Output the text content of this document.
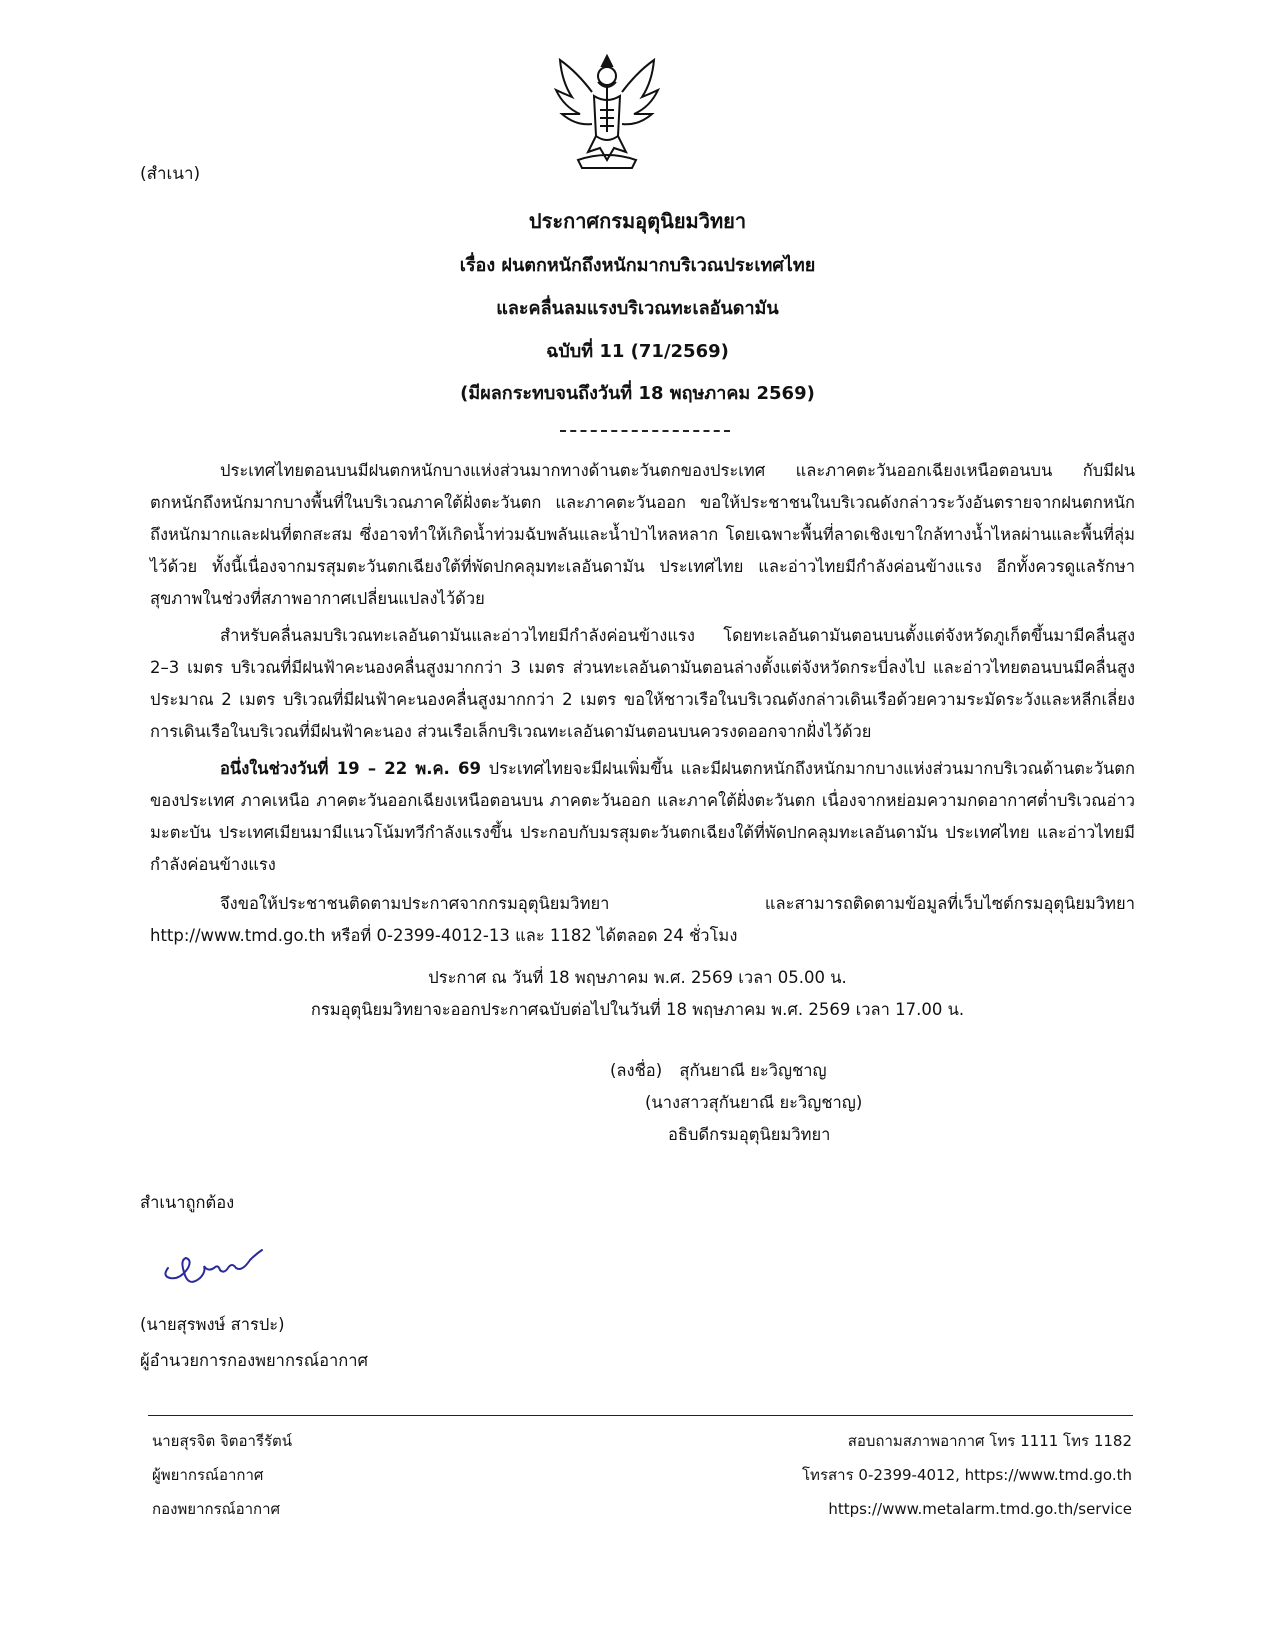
(สำเนา)
ประกาศกรมอุตุนิยมวิทยา
เรื่อง ฝนตกหนักถึงหนักมากบริเวณประเทศไทย
และคลื่นลมแรงบริเวณทะเลอันดามัน
ฉบับที่ 11 (71/2569)
(มีผลกระทบจนถึงวันที่ 18 พฤษภาคม 2569)

ประเทศไทยตอนบนมีฝนตกหนักบางแห่งส่วนมากทางด้านตะวันตกของประเทศ และภาคตะวันออกเฉียงเหนือตอนบน กับมีฝนตกหนักถึงหนักมากบางพื้นที่ในบริเวณภาคใต้ฝั่งตะวันตก และภาคตะวันออก ขอให้ประชาชนในบริเวณดังกล่าวระวังอันตรายจากฝนตกหนักถึงหนักมากและฝนที่ตกสะสม ซึ่งอาจทำให้เกิดน้ำท่วมฉับพลันและน้ำป่าไหลหลาก โดยเฉพาะพื้นที่ลาดเชิงเขาใกล้ทางน้ำไหลผ่านและพื้นที่ลุ่มไว้ด้วย ทั้งนี้เนื่องจากมรสุมตะวันตกเฉียงใต้ที่พัดปกคลุมทะเลอันดามัน ประเทศไทย และอ่าวไทยมีกำลังค่อนข้างแรง อีกทั้งควรดูแลรักษาสุขภาพในช่วงที่สภาพอากาศเปลี่ยนแปลงไว้ด้วย

สำหรับคลื่นลมบริเวณทะเลอันดามันและอ่าวไทยมีกำลังค่อนข้างแรง โดยทะเลอันดามันตอนบนตั้งแต่จังหวัดภูเก็ตขึ้นมามีคลื่นสูง 2–3 เมตร บริเวณที่มีฝนฟ้าคะนองคลื่นสูงมากกว่า 3 เมตร ส่วนทะเลอันดามันตอนล่างตั้งแต่จังหวัดกระบี่ลงไป และอ่าวไทยตอนบนมีคลื่นสูงประมาณ 2 เมตร บริเวณที่มีฝนฟ้าคะนองคลื่นสูงมากกว่า 2 เมตร ขอให้ชาวเรือในบริเวณดังกล่าวเดินเรือด้วยความระมัดระวังและหลีกเลี่ยงการเดินเรือในบริเวณที่มีฝนฟ้าคะนอง ส่วนเรือเล็กบริเวณทะเลอันดามันตอนบนควรงดออกจากฝั่งไว้ด้วย

อนึ่งในช่วงวันที่ 19 – 22 พ.ค. 69 ประเทศไทยจะมีฝนเพิ่มขึ้น และมีฝนตกหนักถึงหนักมากบางแห่งส่วนมากบริเวณด้านตะวันตกของประเทศ ภาคเหนือ ภาคตะวันออกเฉียงเหนือตอนบน ภาคตะวันออก และภาคใต้ฝั่งตะวันตก เนื่องจากหย่อมความกดอากาศต่ำบริเวณอ่าวมะตะบัน ประเทศเมียนมามีแนวโน้มทวีกำลังแรงขึ้น ประกอบกับมรสุมตะวันตกเฉียงใต้ที่พัดปกคลุมทะเลอันดามัน ประเทศไทย และอ่าวไทยมีกำลังค่อนข้างแรง

จึงขอให้ประชาชนติดตามประกาศจากกรมอุตุนิยมวิทยา และสามารถติดตามข้อมูลที่เว็บไซต์กรมอุตุนิยมวิทยา http://www.tmd.go.th หรือที่ 0-2399-4012-13 และ 1182 ได้ตลอด 24 ชั่วโมง

ประกาศ ณ วันที่ 18 พฤษภาคม พ.ศ. 2569 เวลา 05.00 น.
กรมอุตุนิยมวิทยาจะออกประกาศฉบับต่อไปในวันที่ 18 พฤษภาคม พ.ศ. 2569 เวลา 17.00 น.
(ลงชื่อ) สุกันยาณี ยะวิญชาญ
(นางสาวสุกันยาณี ยะวิญชาญ)
อธิบดีกรมอุตุนิยมวิทยา
สำเนาถูกต้อง
(นายสุรพงษ์ สารปะ)
ผู้อำนวยการกองพยากรณ์อากาศ
นายสุรจิต จิตอารีรัตน์
ผู้พยากรณ์อากาศ
กองพยากรณ์อากาศ
สอบถามสภาพอากาศ โทร 1111 โทร 1182
โทรสาร 0-2399-4012, https://www.tmd.go.th
https://www.metalarm.tmd.go.th/service
